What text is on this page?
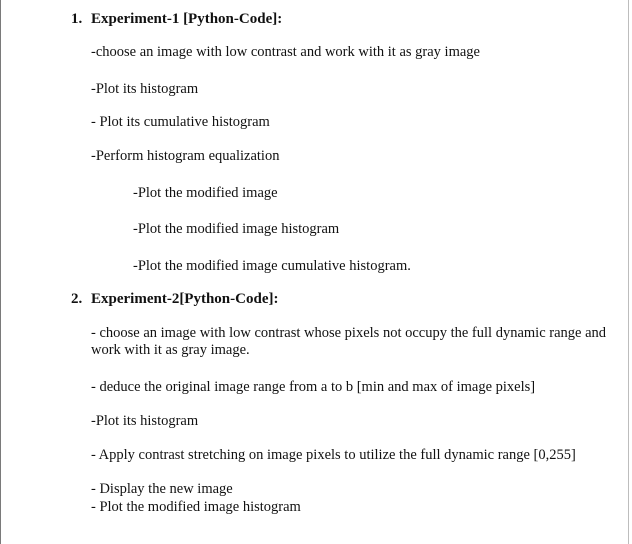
1. Experiment-1 [Python-Code]:
-choose an image with low contrast and work with it as gray image
-Plot its histogram
- Plot its cumulative histogram
-Perform histogram equalization
-Plot the modified image
-Plot the modified image histogram
-Plot the modified image cumulative histogram.
2. Experiment-2[Python-Code]:
- choose an image with low contrast whose pixels not occupy the full dynamic range and work with it as gray image.
- deduce the original image range from a to b [min and max of image pixels]
-Plot its histogram
- Apply contrast stretching on image pixels to utilize the full dynamic range [0,255]
- Display the new image
- Plot the modified image histogram
